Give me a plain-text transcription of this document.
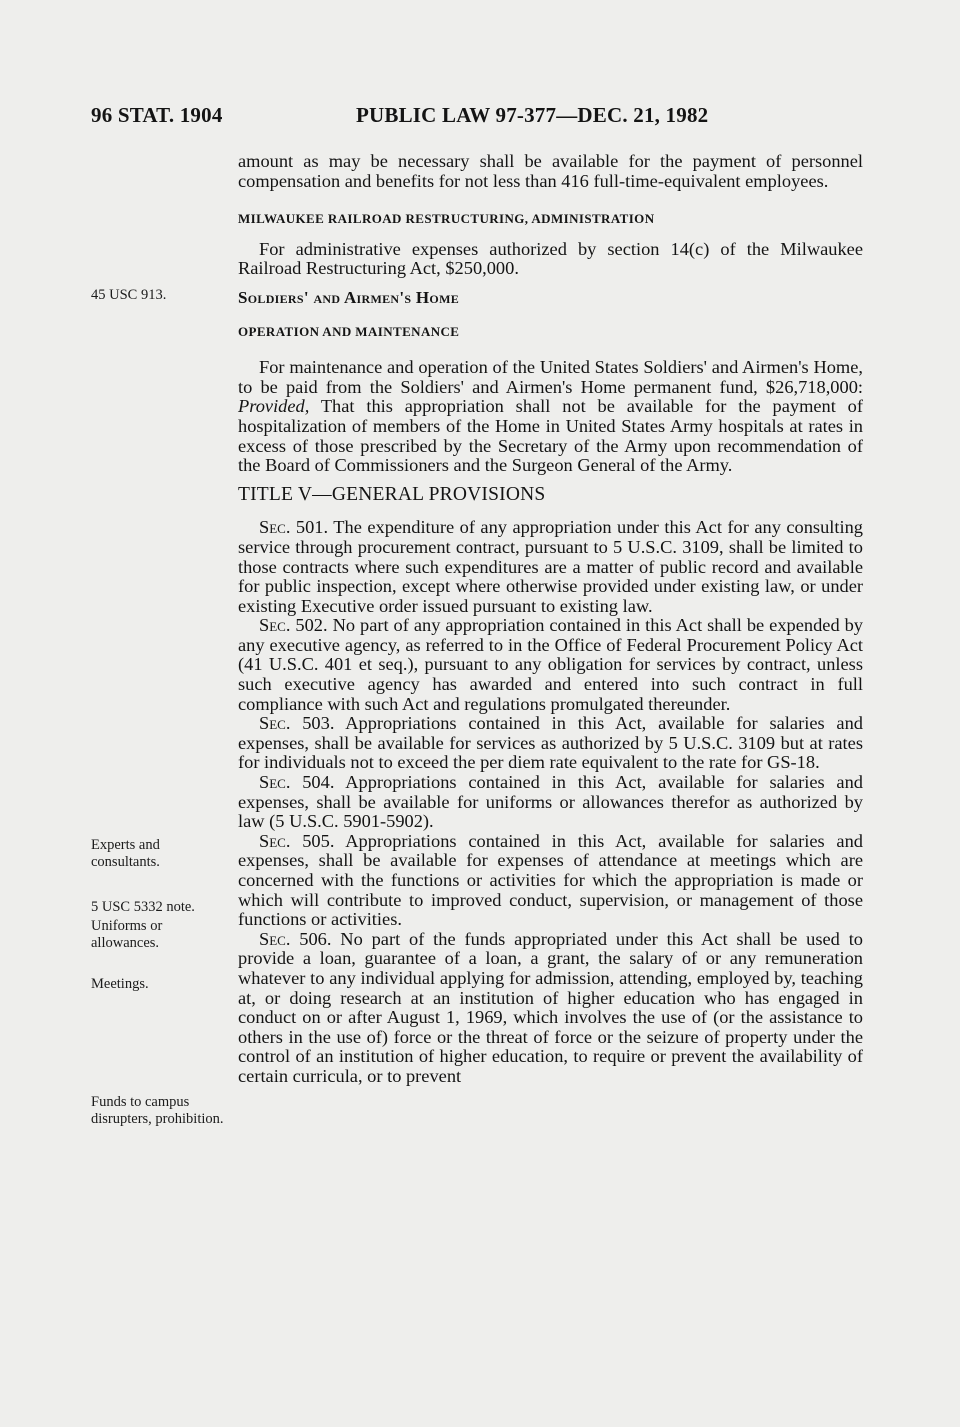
96 STAT. 1904	PUBLIC LAW 97-377—DEC. 21, 1982
45 USC 913.
Experts and consultants.
5 USC 5332 note.
Uniforms or allowances.
Meetings.
Funds to campus disrupters, prohibition.

amount as may be necessary shall be available for the payment of personnel compensation and benefits for not less than 416 full-time-equivalent employees.

MILWAUKEE RAILROAD RESTRUCTURING, ADMINISTRATION

For administrative expenses authorized by section 14(c) of the Milwaukee Railroad Restructuring Act, $250,000.

Soldiers' and Airmen's Home

OPERATION AND MAINTENANCE

For maintenance and operation of the United States Soldiers' and Airmen's Home, to be paid from the Soldiers' and Airmen's Home permanent fund, $26,718,000: Provided, That this appropriation shall not be available for the payment of hospitalization of members of the Home in United States Army hospitals at rates in excess of those prescribed by the Secretary of the Army upon recommendation of the Board of Commissioners and the Surgeon General of the Army.

TITLE V—GENERAL PROVISIONS

Sec. 501. The expenditure of any appropriation under this Act for any consulting service through procurement contract, pursuant to 5 U.S.C. 3109, shall be limited to those contracts where such expenditures are a matter of public record and available for public inspection, except where otherwise provided under existing law, or under existing Executive order issued pursuant to existing law.

Sec. 502. No part of any appropriation contained in this Act shall be expended by any executive agency, as referred to in the Office of Federal Procurement Policy Act (41 U.S.C. 401 et seq.), pursuant to any obligation for services by contract, unless such executive agency has awarded and entered into such contract in full compliance with such Act and regulations promulgated thereunder.

Sec. 503. Appropriations contained in this Act, available for salaries and expenses, shall be available for services as authorized by 5 U.S.C. 3109 but at rates for individuals not to exceed the per diem rate equivalent to the rate for GS-18.

Sec. 504. Appropriations contained in this Act, available for salaries and expenses, shall be available for uniforms or allowances therefor as authorized by law (5 U.S.C. 5901-5902).

Sec. 505. Appropriations contained in this Act, available for salaries and expenses, shall be available for expenses of attendance at meetings which are concerned with the functions or activities for which the appropriation is made or which will contribute to improved conduct, supervision, or management of those functions or activities.

Sec. 506. No part of the funds appropriated under this Act shall be used to provide a loan, guarantee of a loan, a grant, the salary of or any remuneration whatever to any individual applying for admission, attending, employed by, teaching at, or doing research at an institution of higher education who has engaged in conduct on or after August 1, 1969, which involves the use of (or the assistance to others in the use of) force or the threat of force or the seizure of property under the control of an institution of higher education, to require or prevent the availability of certain curricula, or to prevent
